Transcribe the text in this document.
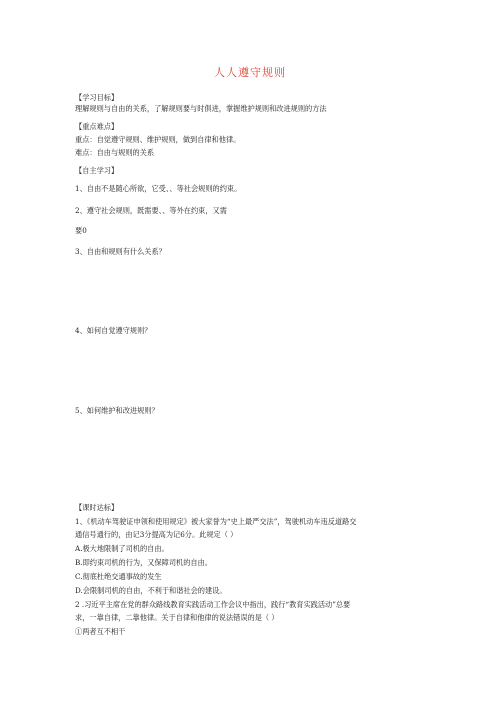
人人遵守规则
【学习目标】
理解规则与自由的关系，了解规则要与时俱进，掌握维护规则和改进规则的方法
【重点难点】
重点：自觉遵守规则、维护规则，做到自律和他律。
难点：自由与规则的关系
【自主学习】
1、自由不是随心所欲，它受、、等社会规则的约束。
2、遵守社会规则，既需要、、等外在约束，又需
要0
3、自由和规则有什么关系？
4、如何自觉遵守规则？
5、如何维护和改进规则？
【课时达标】
1、《机动车驾驶证申领和使用规定》被大家誉为“史上最严交法”，驾驶机动车违反道路交
通信号通行的，由记3分提高为记6分。此规定（ ）
A.极大地限制了司机的自由。
B.即约束司机的行为，又保障司机的自由。
C.彻底杜绝交通事故的发生
D.会限制司机的自由，不利于和谐社会的建设。
2 .习近平主席在党的群众路线教育实践活动工作会议中指出，践行“教育实践活动”总要
求，一靠自律，二靠他律。关于自律和他律的说法错误的是（ ）
①两者互不相干
